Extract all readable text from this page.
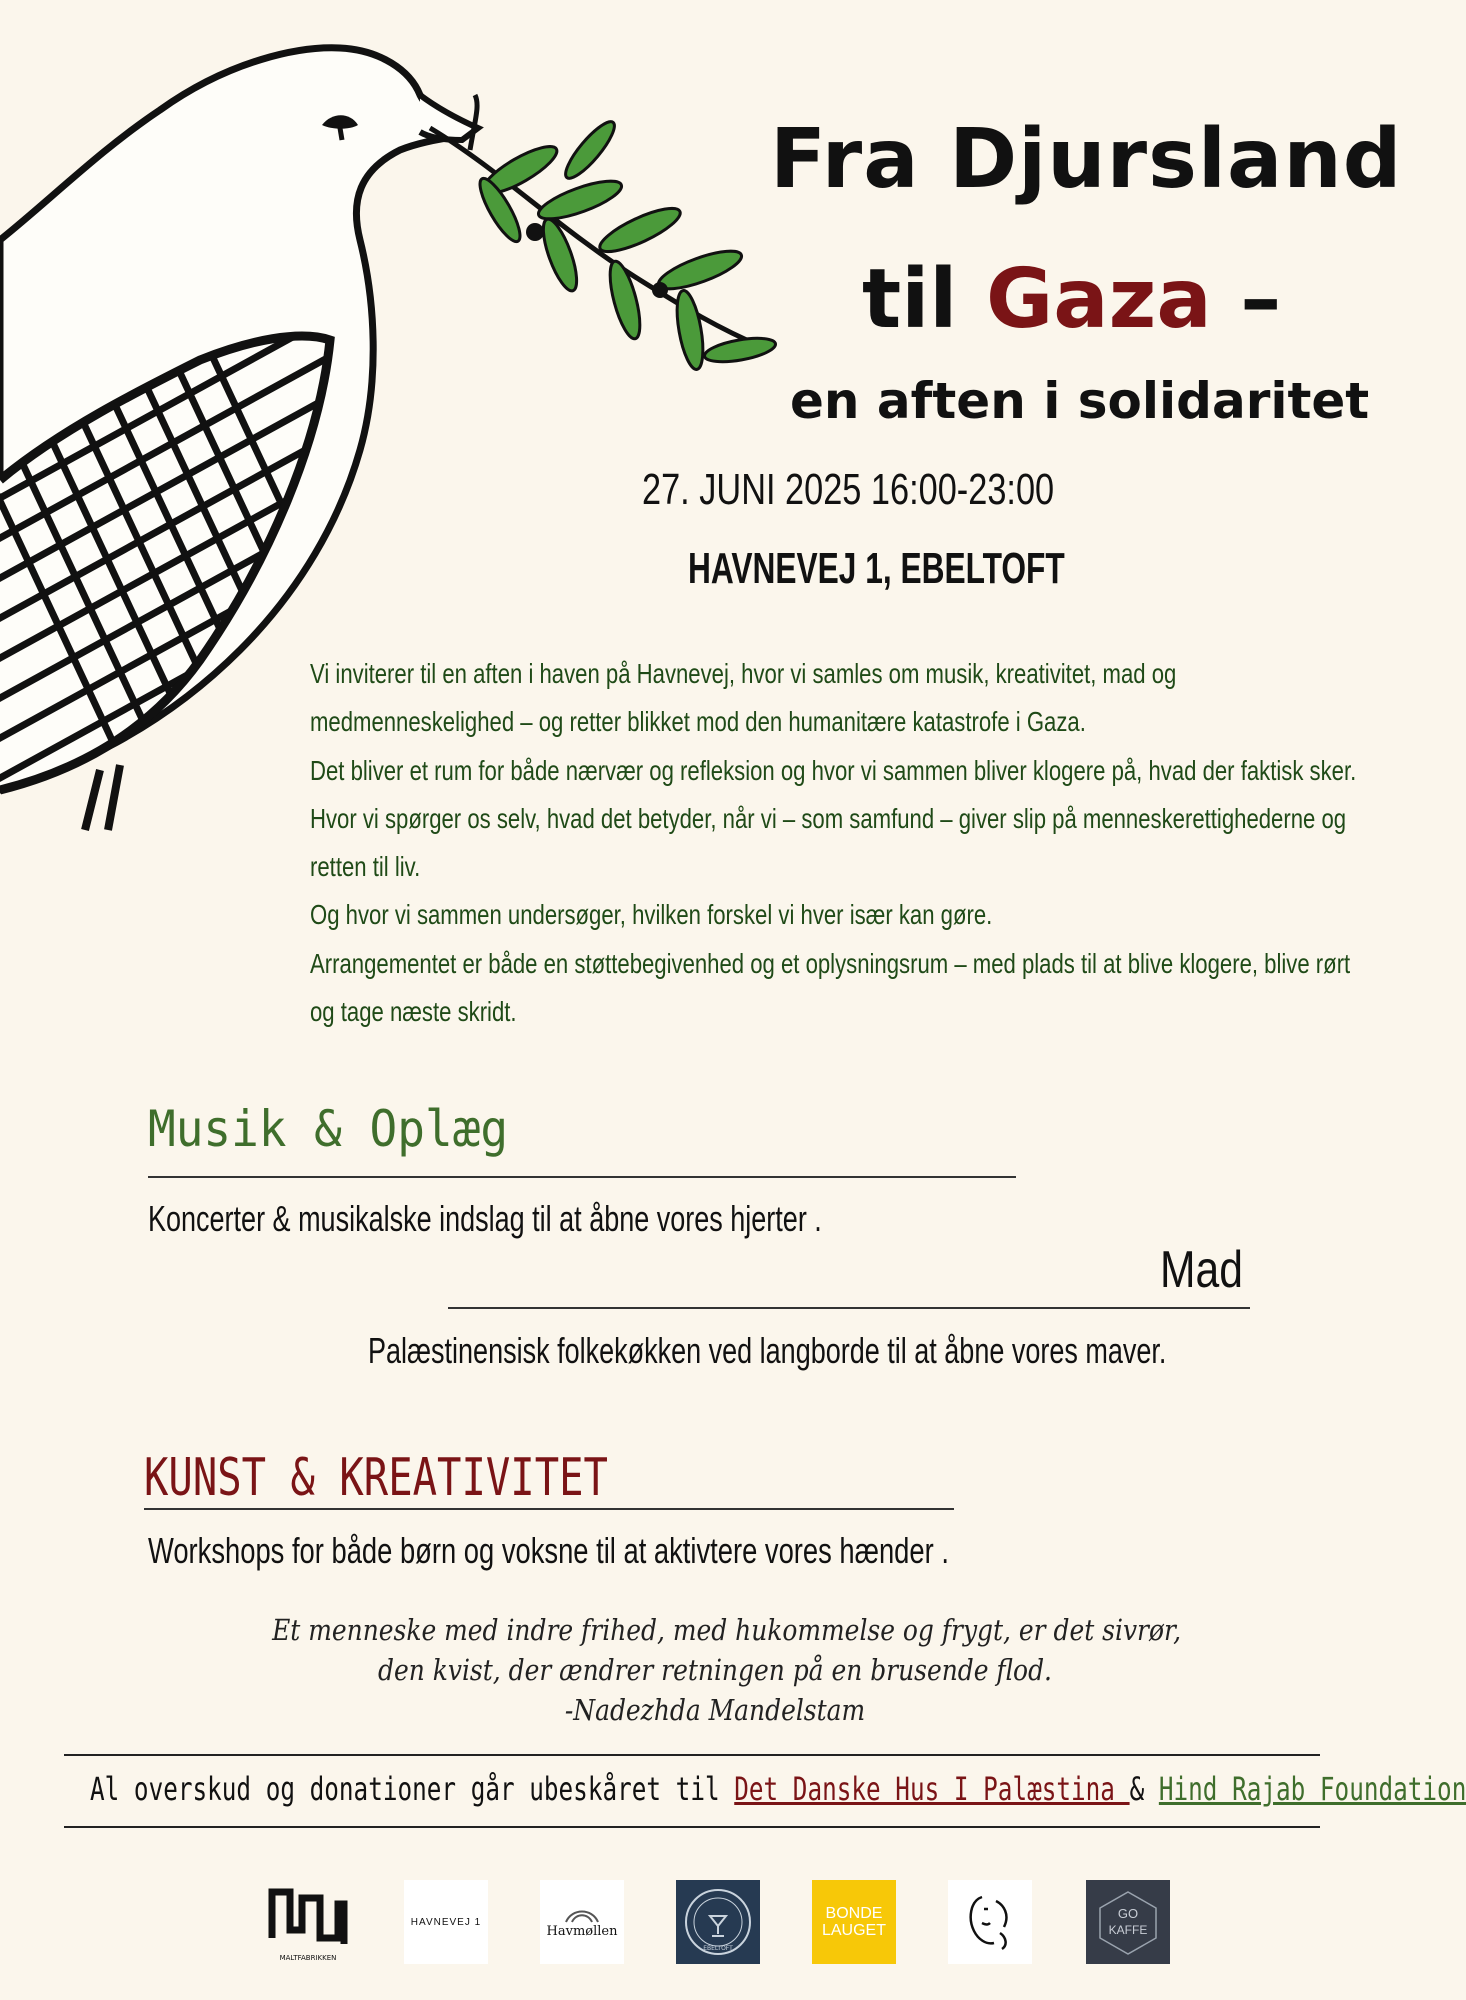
Fra Djursland
til Gaza –
en aften i solidaritet
27. JUNI 2025 16:00-23:00
HAVNEVEJ 1, EBELTOFT

Vi inviterer til en aften i haven på Havnevej, hvor vi samles om musik, kreativitet, mad og medmenneskelighed – og retter blikket mod den humanitære katastrofe i Gaza.

Det bliver et rum for både nærvær og refleksion og hvor vi sammen bliver klogere på, hvad der faktisk sker. Hvor vi spørger os selv, hvad det betyder, når vi – som samfund – giver slip på menneskerettighederne og retten til liv.

Og hvor vi sammen undersøger, hvilken forskel vi hver især kan gøre.

Arrangementet er både en støttebegivenhed og et oplysningsrum – med plads til at blive klogere, blive rørt og tage næste skridt.

Musik & Oplæg
Koncerter & musikalske indslag til at åbne vores hjerter .
Mad
Palæstinensisk folkekøkken ved langborde til at åbne vores maver.
KUNST & KREATIVITET
Workshops for både børn og voksne til at aktivtere vores hænder .
Et menneske med indre frihed, med hukommelse og frygt, er det sivrør,
den kvist, der ændrer retningen på en brusende flod.
-Nadezhda Mandelstam
Al overskud og donationer går ubeskåret til Det Danske Hus I Palæstina & Hind Rajab Foundation
MALTFABRIKKEN
HAVNEVEJ 1
Havmøllen
EBELTOFT
BONDE
LAUGET
GO
KAFFE
